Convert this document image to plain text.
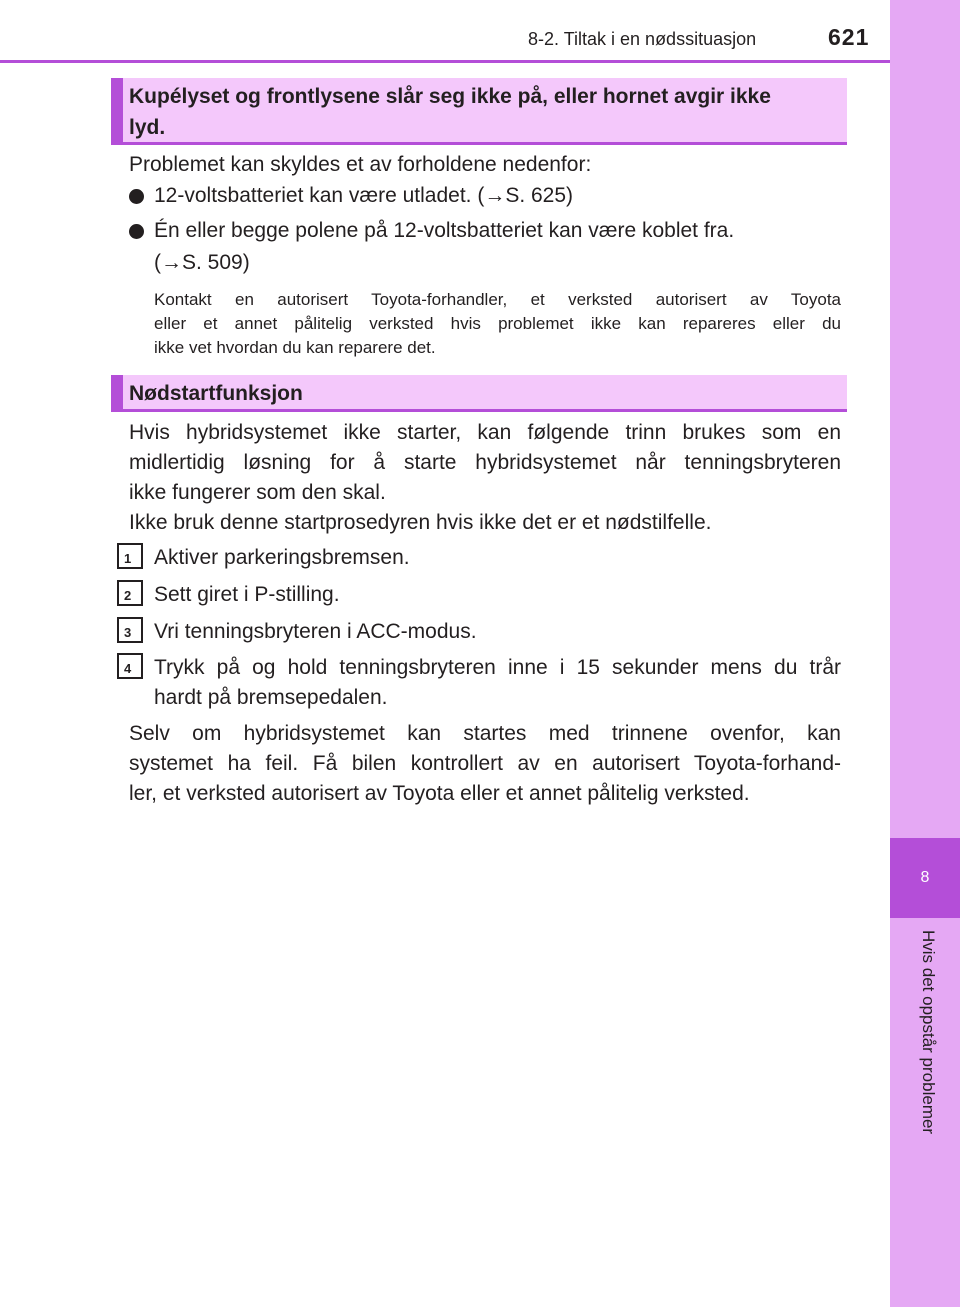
8-2. Tiltak i en nødssituasjon	621
8
Hvis det oppstår problemer
Kupélyset og frontlysene slår seg ikke på, eller hornet avgir ikke
lyd.
Problemet kan skyldes et av forholdene nedenfor:
12-voltsbatteriet kan være utladet. (→S. 625)
Én eller begge polene på 12-voltsbatteriet kan være koblet fra.
(→S. 509)
Kontakt en autorisert Toyota-forhandler, et verksted autorisert av Toyota
eller et annet pålitelig verksted hvis problemet ikke kan repareres eller du
ikke vet hvordan du kan reparere det.
Nødstartfunksjon
Hvis hybridsystemet ikke starter, kan følgende trinn brukes som en
midlertidig løsning for å starte hybridsystemet når tenningsbryteren
ikke fungerer som den skal.
Ikke bruk denne startprosedyren hvis ikke det er et nødstilfelle.
1	Aktiver parkeringsbremsen.
2	Sett giret i P-stilling.
3	Vri tenningsbryteren i ACC-modus.
4	Trykk på og hold tenningsbryteren inne i 15 sekunder mens du trår
hardt på bremsepedalen.
Selv om hybridsystemet kan startes med trinnene ovenfor, kan
systemet ha feil. Få bilen kontrollert av en autorisert Toyota-forhand-
ler, et verksted autorisert av Toyota eller et annet pålitelig verksted.
